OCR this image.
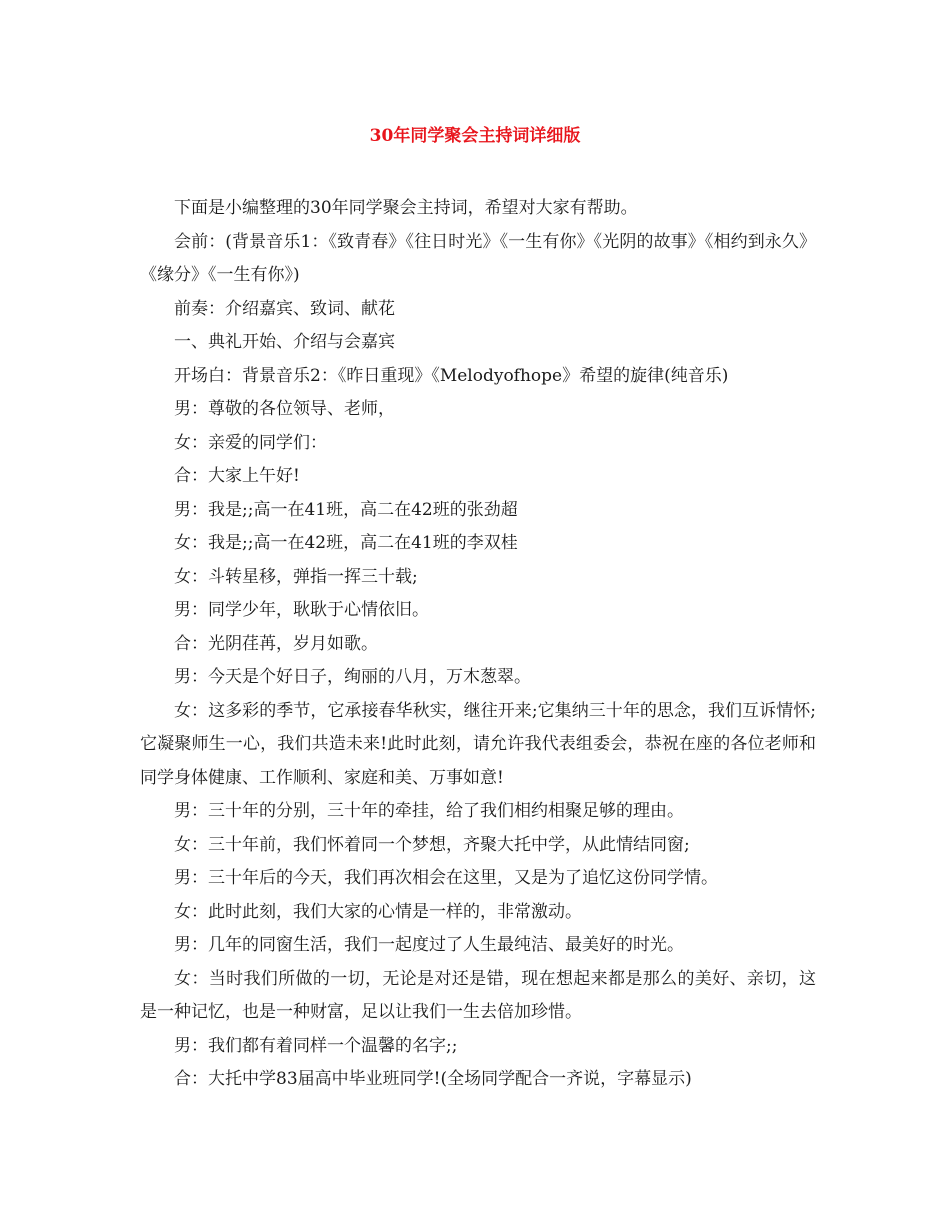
30年同学聚会主持词详细版

下面是小编整理的30年同学聚会主持词，希望对大家有帮助。

会前：(背景音乐1：《致青春》《往日时光》《一生有你》《光阴的故事》《相约到永久》《缘分》《一生有你》)

前奏：介绍嘉宾、致词、献花

一、典礼开始、介绍与会嘉宾

开场白：背景音乐2：《昨日重现》《Melodyofhope》希望的旋律(纯音乐)

男：尊敬的各位领导、老师，

女：亲爱的同学们：

合：大家上午好!

男：我是;;高一在41班，高二在42班的张劲超

女：我是;;高一在42班，高二在41班的李双桂

女：斗转星移，弹指一挥三十载;

男：同学少年，耿耿于心情依旧。

合：光阴荏苒，岁月如歌。

男：今天是个好日子，绚丽的八月，万木葱翠。

女：这多彩的季节，它承接春华秋实，继往开来;它集纳三十年的思念，我们互诉情怀;它凝聚师生一心，我们共造未来!此时此刻，请允许我代表组委会，恭祝在座的各位老师和同学身体健康、工作顺利、家庭和美、万事如意!

男：三十年的分别，三十年的牵挂，给了我们相约相聚足够的理由。

女：三十年前，我们怀着同一个梦想，齐聚大托中学，从此情结同窗;

男：三十年后的今天，我们再次相会在这里，又是为了追忆这份同学情。

女：此时此刻，我们大家的心情是一样的，非常激动。

男：几年的同窗生活，我们一起度过了人生最纯洁、最美好的时光。

女：当时我们所做的一切，无论是对还是错，现在想起来都是那么的美好、亲切，这是一种记忆，也是一种财富，足以让我们一生去倍加珍惜。

男：我们都有着同样一个温馨的名字;;

合：大托中学83届高中毕业班同学!(全场同学配合一齐说，字幕显示)
